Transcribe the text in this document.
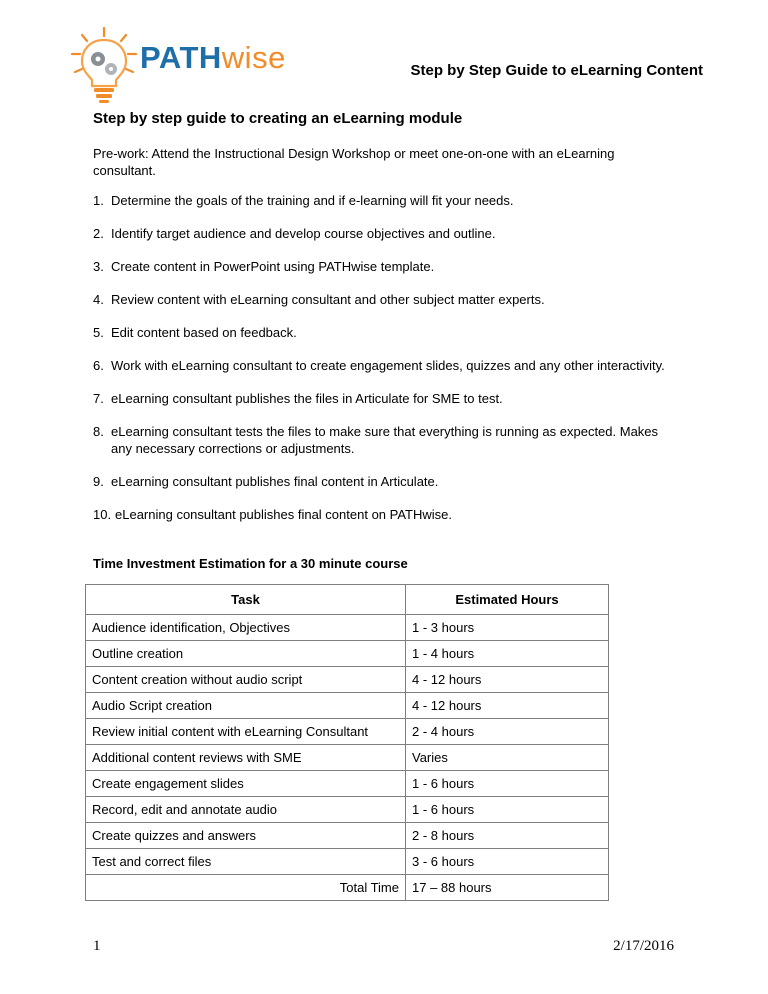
PATHwise	Step by Step Guide to eLearning Content
Step by step guide to creating an eLearning module
Pre-work: Attend the Instructional Design Workshop or meet one-on-one with an eLearning consultant.
1. Determine the goals of the training and if e-learning will fit your needs.
2. Identify target audience and develop course objectives and outline.
3. Create content in PowerPoint using PATHwise template.
4. Review content with eLearning consultant and other subject matter experts.
5. Edit content based on feedback.
6. Work with eLearning consultant to create engagement slides, quizzes and any other interactivity.
7. eLearning consultant publishes the files in Articulate for SME to test.
8. eLearning consultant tests the files to make sure that everything is running as expected. Makes any necessary corrections or adjustments.
9. eLearning consultant publishes final content in Articulate.
10. eLearning consultant publishes final content on PATHwise.
Time Investment Estimation for a 30 minute course
Task	Estimated Hours
Audience identification, Objectives	1 - 3 hours
Outline creation	1 - 4 hours
Content creation without audio script	4 - 12 hours
Audio Script creation	4 - 12 hours
Review initial content with eLearning Consultant	2 - 4 hours
Additional content reviews with SME	Varies
Create engagement slides	1 - 6 hours
Record, edit and annotate audio	1 - 6 hours
Create quizzes and answers	2 - 8 hours
Test and correct files	3 - 6 hours
Total Time	17 – 88 hours
1	2/17/2016
